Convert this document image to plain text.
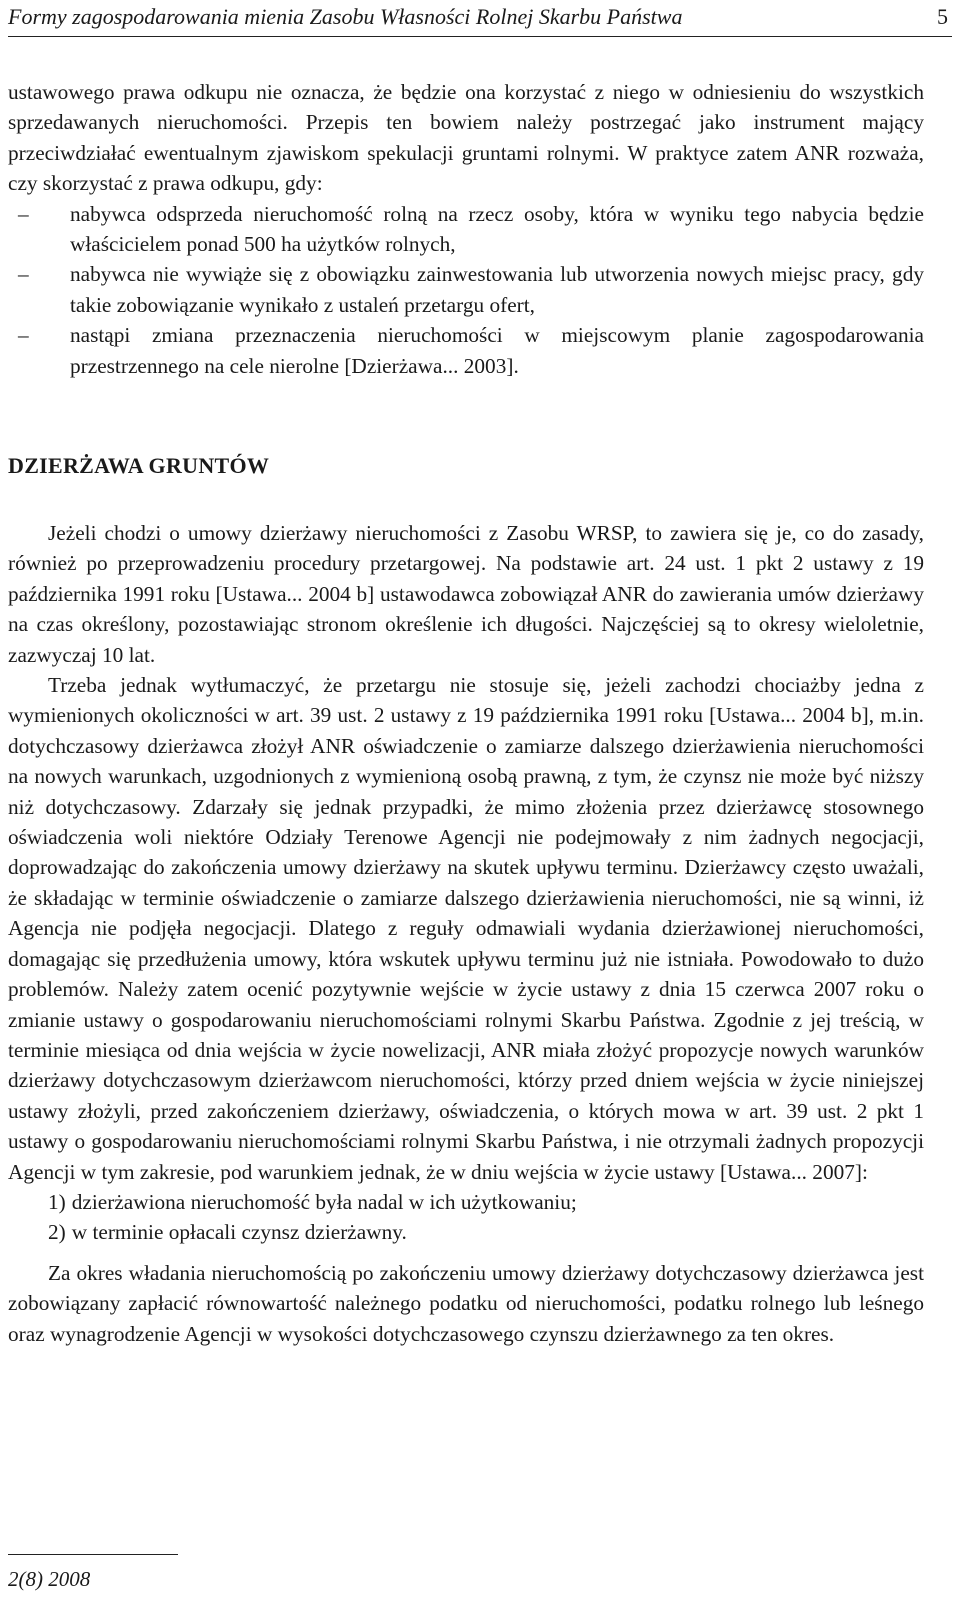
Formy zagospodarowania mienia Zasobu Własności Rolnej Skarbu Państwa	5

ustawowego prawa odkupu nie oznacza, że będzie ona korzystać z niego w odniesieniu do wszystkich sprzedawanych nieruchomości. Przepis ten bowiem należy postrzegać jako instrument mający przeciwdziałać ewentualnym zjawiskom spekulacji gruntami rolnymi. W praktyce zatem ANR rozważa, czy skorzystać z prawa odkupu, gdy:

– nabywca odsprzeda nieruchomość rolną na rzecz osoby, która w wyniku tego nabycia będzie właścicielem ponad 500 ha użytków rolnych,
– nabywca nie wywiąże się z obowiązku zainwestowania lub utworzenia nowych miejsc pracy, gdy takie zobowiązanie wynikało z ustaleń przetargu ofert,
– nastąpi zmiana przeznaczenia nieruchomości w miejscowym planie zagospodarowania przestrzennego na cele nierolne [Dzierżawa... 2003].
DZIERŻAWA GRUNTÓW

Jeżeli chodzi o umowy dzierżawy nieruchomości z Zasobu WRSP, to zawiera się je, co do zasady, również po przeprowadzeniu procedury przetargowej. Na podstawie art. 24 ust. 1 pkt 2 ustawy z 19 października 1991 roku [Ustawa... 2004 b] ustawodawca zobowiązał ANR do zawierania umów dzierżawy na czas określony, pozostawiając stronom określenie ich długości. Najczęściej są to okresy wieloletnie, zazwyczaj 10 lat.

Trzeba jednak wytłumaczyć, że przetargu nie stosuje się, jeżeli zachodzi chociażby jedna z wymienionych okoliczności w art. 39 ust. 2 ustawy z 19 października 1991 roku [Ustawa... 2004 b], m.in. dotychczasowy dzierżawca złożył ANR oświadczenie o zamiarze dalszego dzierżawienia nieruchomości na nowych warunkach, uzgodnionych z wymienioną osobą prawną, z tym, że czynsz nie może być niższy niż dotychczasowy. Zdarzały się jednak przypadki, że mimo złożenia przez dzierżawcę stosownego oświadczenia woli niektóre Odziały Terenowe Agencji nie podejmowały z nim żadnych negocjacji, doprowadzając do zakończenia umowy dzierżawy na skutek upływu terminu. Dzierżawcy często uważali, że składając w terminie oświadczenie o zamiarze dalszego dzierżawienia nieruchomości, nie są winni, iż Agencja nie podjęła negocjacji. Dlatego z reguły odmawiali wydania dzierżawionej nieruchomości, domagając się przedłużenia umowy, która wskutek upływu terminu już nie istniała. Powodowało to dużo problemów. Należy zatem ocenić pozytywnie wejście w życie ustawy z dnia 15 czerwca 2007 roku o zmianie ustawy o gospodarowaniu nieruchomościami rolnymi Skarbu Państwa. Zgodnie z jej treścią, w terminie miesiąca od dnia wejścia w życie nowelizacji, ANR miała złożyć propozycje nowych warunków dzierżawy dotychczasowym dzierżawcom nieruchomości, którzy przed dniem wejścia w życie niniejszej ustawy złożyli, przed zakończeniem dzierżawy, oświadczenia, o których mowa w art. 39 ust. 2 pkt 1 ustawy o gospodarowaniu nieruchomościami rolnymi Skarbu Państwa, i nie otrzymali żadnych propozycji Agencji w tym zakresie, pod warunkiem jednak, że w dniu wejścia w życie ustawy [Ustawa... 2007]:

1) dzierżawiona nieruchomość była nadal w ich użytkowaniu;
2) w terminie opłacali czynsz dzierżawny.

Za okres władania nieruchomością po zakończeniu umowy dzierżawy dotychczasowy dzierżawca jest zobowiązany zapłacić równowartość należnego podatku od nieruchomości, podatku rolnego lub leśnego oraz wynagrodzenie Agencji w wysokości dotychczasowego czynszu dzierżawnego za ten okres.

2(8) 2008
